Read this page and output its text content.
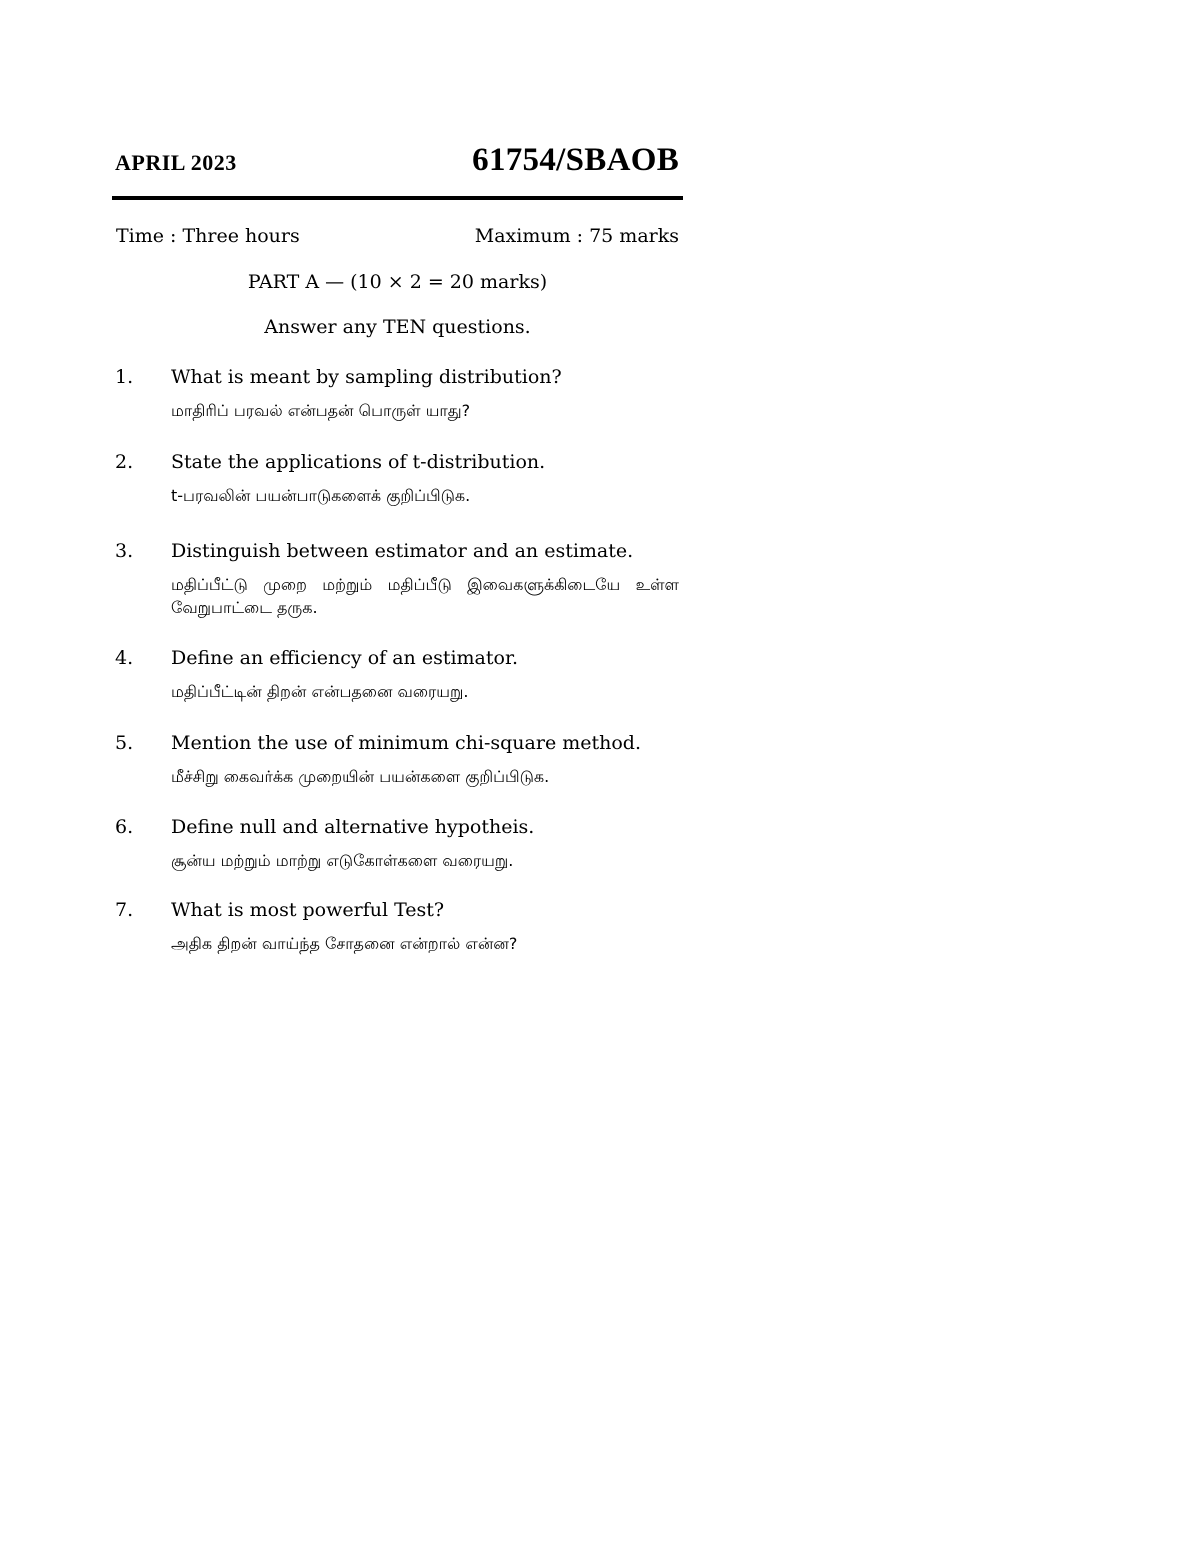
APRIL 2023	61754/SBAOB
Time : Three hours	Maximum : 75 marks
PART A — (10 × 2 = 20 marks)
Answer any TEN questions.
1. What is meant by sampling distribution?
மாதிரிப் பரவல் என்பதன் பொருள் யாது?
2. State the applications of t-distribution.
t-பரவலின் பயன்பாடுகளைக் குறிப்பிடுக.
3. Distinguish between estimator and an estimate.
மதிப்பீட்டு முறை மற்றும் மதிப்பீடு இவைகளுக்கிடையே உள்ள வேறுபாட்டை தருக.
4. Define an efficiency of an estimator.
மதிப்பீட்டின் திறன் என்பதனை வரையறு.
5. Mention the use of minimum chi-square method.
மீச்சிறு கைவர்க்க முறையின் பயன்களை குறிப்பிடுக.
6. Define null and alternative hypotheis.
சூன்ய மற்றும் மாற்று எடுகோள்களை வரையறு.
7. What is most powerful Test?
அதிக திறன் வாய்ந்த சோதனை என்றால் என்ன?
